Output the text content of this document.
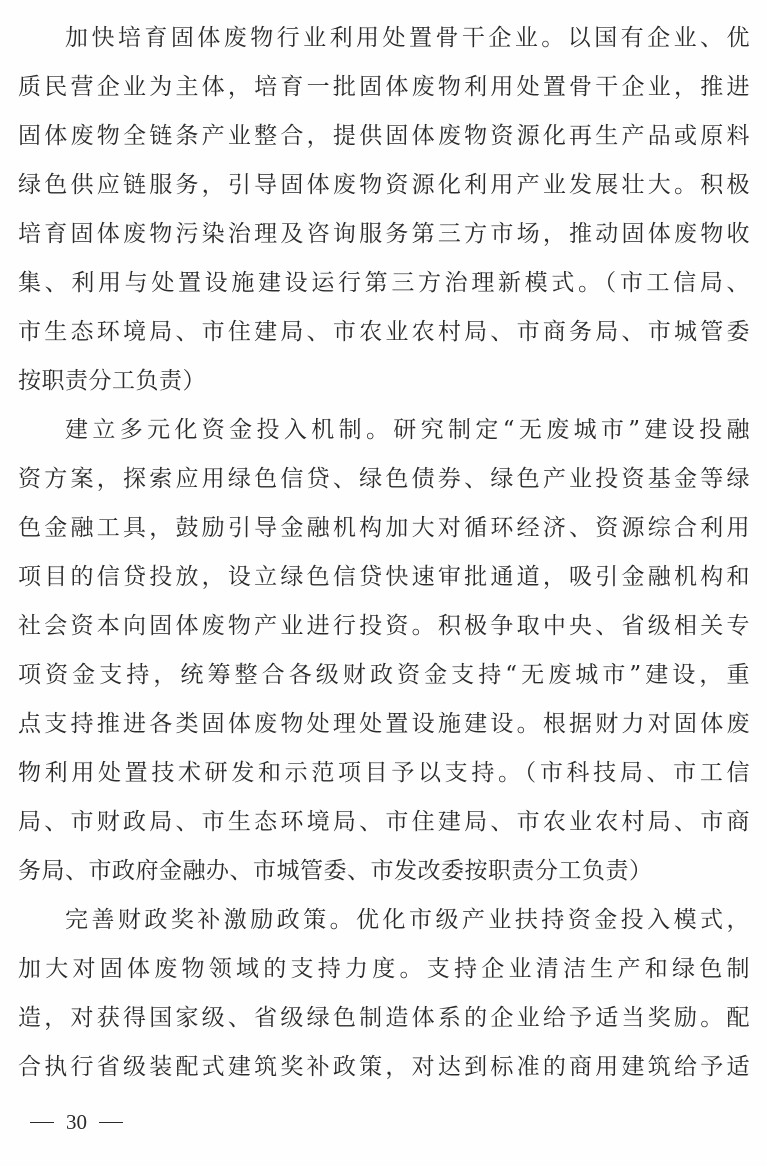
加快培育固体废物行业利用处置骨干企业。以国有企业、优
质民营企业为主体，培育一批固体废物利用处置骨干企业，推进
固体废物全链条产业整合，提供固体废物资源化再生产品或原料
绿色供应链服务，引导固体废物资源化利用产业发展壮大。积极
培育固体废物污染治理及咨询服务第三方市场，推动固体废物收
集、利用与处置设施建设运行第三方治理新模式。（市工信局、
市生态环境局、市住建局、市农业农村局、市商务局、市城管委
按职责分工负责）
建立多元化资金投入机制。研究制定“无废城市”建设投融
资方案，探索应用绿色信贷、绿色债券、绿色产业投资基金等绿
色金融工具，鼓励引导金融机构加大对循环经济、资源综合利用
项目的信贷投放，设立绿色信贷快速审批通道，吸引金融机构和
社会资本向固体废物产业进行投资。积极争取中央、省级相关专
项资金支持，统筹整合各级财政资金支持“无废城市”建设，重
点支持推进各类固体废物处理处置设施建设。根据财力对固体废
物利用处置技术研发和示范项目予以支持。（市科技局、市工信
局、市财政局、市生态环境局、市住建局、市农业农村局、市商
务局、市政府金融办、市城管委、市发改委按职责分工负责）
完善财政奖补激励政策。优化市级产业扶持资金投入模式，
加大对固体废物领域的支持力度。支持企业清洁生产和绿色制
造，对获得国家级、省级绿色制造体系的企业给予适当奖励。配
合执行省级装配式建筑奖补政策，对达到标准的商用建筑给予适
30
